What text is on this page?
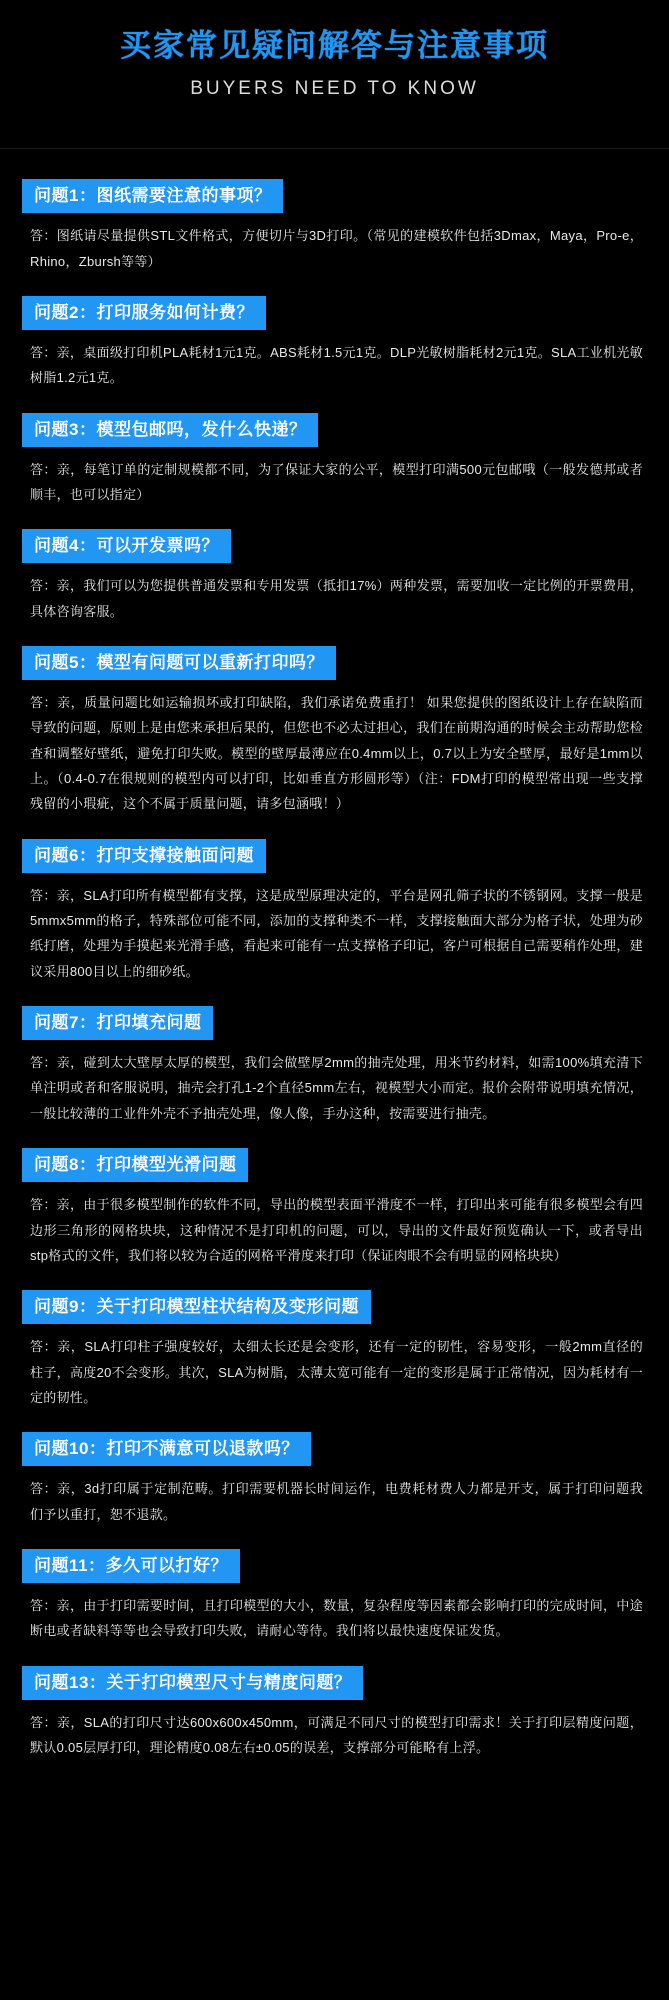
买家常见疑问解答与注意事项
BUYERS NEED TO KNOW
问题1：图纸需要注意的事项？
答：图纸请尽量提供STL文件格式，方便切片与3D打印。（常见的建模软件包括3Dmax，Maya，Pro-e，Rhino，Zbursh等等）
问题2：打印服务如何计费？
答：亲，桌面级打印机PLA耗材1元1克。ABS耗材1.5元1克。DLP光敏树脂耗材2元1克。SLA工业机光敏树脂1.2元1克。
问题3：模型包邮吗，发什么快递？
答：亲，每笔订单的定制规模都不同，为了保证大家的公平，模型打印满500元包邮哦（一般发德邦或者顺丰，也可以指定）
问题4：可以开发票吗？
答：亲，我们可以为您提供普通发票和专用发票（抵扣17%）两种发票，需要加收一定比例的开票费用，具体咨询客服。
问题5：模型有问题可以重新打印吗？
答：亲，质量问题比如运输损坏或打印缺陷，我们承诺免费重打！ 如果您提供的图纸设计上存在缺陷而导致的问题，原则上是由您来承担后果的，但您也不必太过担心，我们在前期沟通的时候会主动帮助您检查和调整好壁纸，避免打印失败。模型的壁厚最薄应在0.4mm以上，0.7以上为安全壁厚，最好是1mm以上。（0.4-0.7在很规则的模型内可以打印，比如垂直方形圆形等）（注：FDM打印的模型常出现一些支撑残留的小瑕疵，这个不属于质量问题，请多包涵哦！）
问题6：打印支撑接触面问题
答：亲，SLA打印所有模型都有支撑，这是成型原理决定的，平台是网孔筛子状的不锈钢网。支撑一般是5mmx5mm的格子，特殊部位可能不同，添加的支撑种类不一样，支撑接触面大部分为格子状，处理为砂纸打磨，处理为手摸起来光滑手感，看起来可能有一点支撑格子印记，客户可根据自己需要稍作处理，建议采用800目以上的细砂纸。
问题7：打印填充问题
答：亲，碰到太大壁厚太厚的模型，我们会做壁厚2mm的抽壳处理，用米节约材料，如需100%填充清下单注明或者和客服说明，抽壳会打孔1-2个直径5mm左右，视模型大小而定。报价会附带说明填充情况，一般比较薄的工业件外壳不予抽壳处理，像人像，手办这种，按需要进行抽壳。
问题8：打印模型光滑问题
答：亲，由于很多模型制作的软件不同，导出的模型表面平滑度不一样，打印出来可能有很多模型会有四边形三角形的网格块块，这种情况不是打印机的问题，可以，导出的文件最好预览确认一下，或者导出stp格式的文件，我们将以较为合适的网格平滑度来打印（保证肉眼不会有明显的网格块块）
问题9：关于打印模型柱状结构及变形问题
答：亲，SLA打印柱子强度较好，太细太长还是会变形，还有一定的韧性，容易变形，一般2mm直径的柱子，高度20不会变形。其次，SLA为树脂，太薄太宽可能有一定的变形是属于正常情况，因为耗材有一定的韧性。
问题10：打印不满意可以退款吗？
答：亲，3d打印属于定制范畴。打印需要机器长时间运作，电费耗材费人力都是开支，属于打印问题我们予以重打，恕不退款。
问题11：多久可以打好？
答：亲，由于打印需要时间，且打印模型的大小，数量，复杂程度等因素都会影响打印的完成时间，中途断电或者缺料等等也会导致打印失败，请耐心等待。我们将以最快速度保证发货。
问题13：关于打印模型尺寸与精度问题？
答：亲，SLA的打印尺寸达600x600x450mm，可满足不同尺寸的模型打印需求！关于打印层精度问题，默认0.05层厚打印，理论精度0.08左右±0.05的误差，支撑部分可能略有上浮。
